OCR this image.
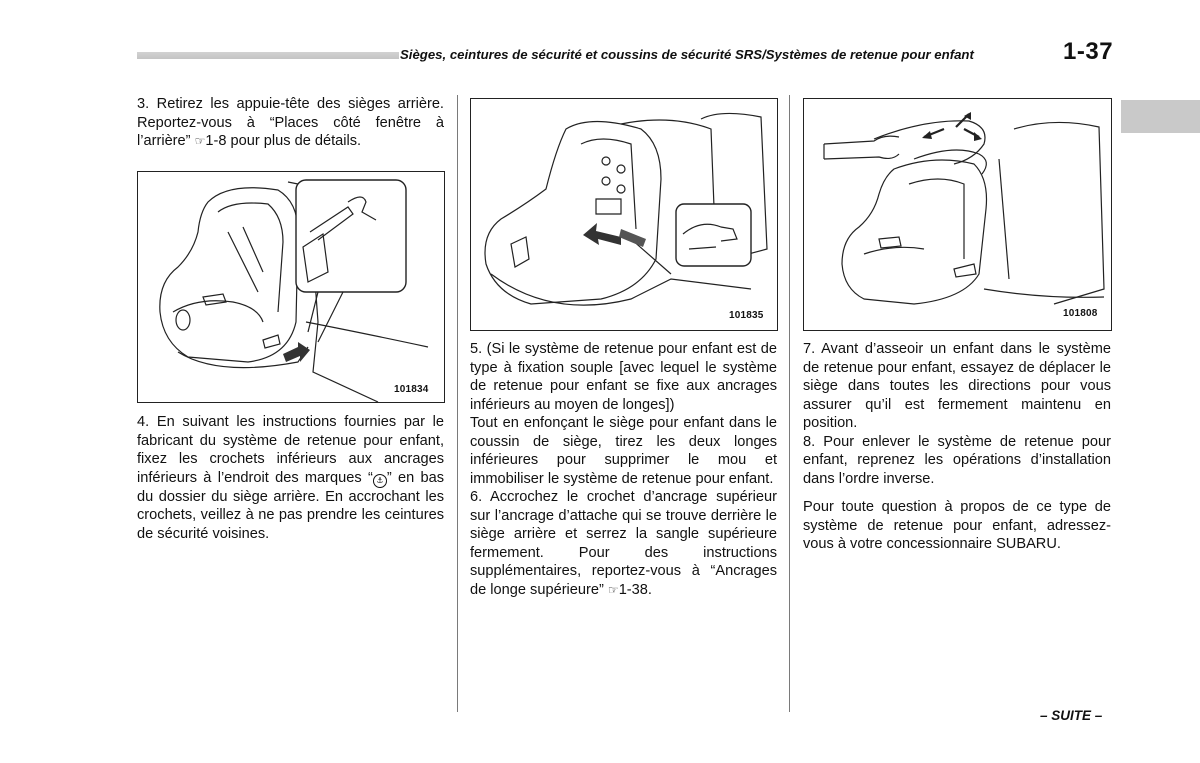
Sièges, ceintures de sécurité et coussins de sécurité SRS/Systèmes de retenue pour enfant	1-37

3. Retirez les appuie-tête des sièges arrière. Reportez-vous à “Places côté fenêtre à l’arrière” ☞1-8 pour plus de détails.

101834

4. En suivant les instructions fournies par le fabricant du système de retenue pour enfant, fixez les crochets inférieurs aux ancrages inférieurs à l’endroit des marques “ ⚓ ” en bas du dossier du siège arrière. En accrochant les crochets, veillez à ne pas prendre les ceintures de sécurité voisines.

101835

5. (Si le système de retenue pour enfant est de type à fixation souple [avec lequel le système de retenue pour enfant se fixe aux ancrages inférieurs au moyen de longes])

Tout en enfonçant le siège pour enfant dans le coussin de siège, tirez les deux longes inférieures pour supprimer le mou et immobiliser le système de retenue pour enfant.

6. Accrochez le crochet d’ancrage supérieur sur l’ancrage d’attache qui se trouve derrière le siège arrière et serrez la sangle supérieure fermement. Pour des instructions supplémentaires, reportez-vous à “Ancrages de longe supérieure” ☞1-38.

101808

7. Avant d’asseoir un enfant dans le système de retenue pour enfant, essayez de déplacer le siège dans toutes les directions pour vous assurer qu’il est fermement maintenu en position.

8. Pour enlever le système de retenue pour enfant, reprenez les opérations d’installation dans l’ordre inverse.

Pour toute question à propos de ce type de système de retenue pour enfant, adressez-vous à votre concessionnaire SUBARU.

– SUITE –
